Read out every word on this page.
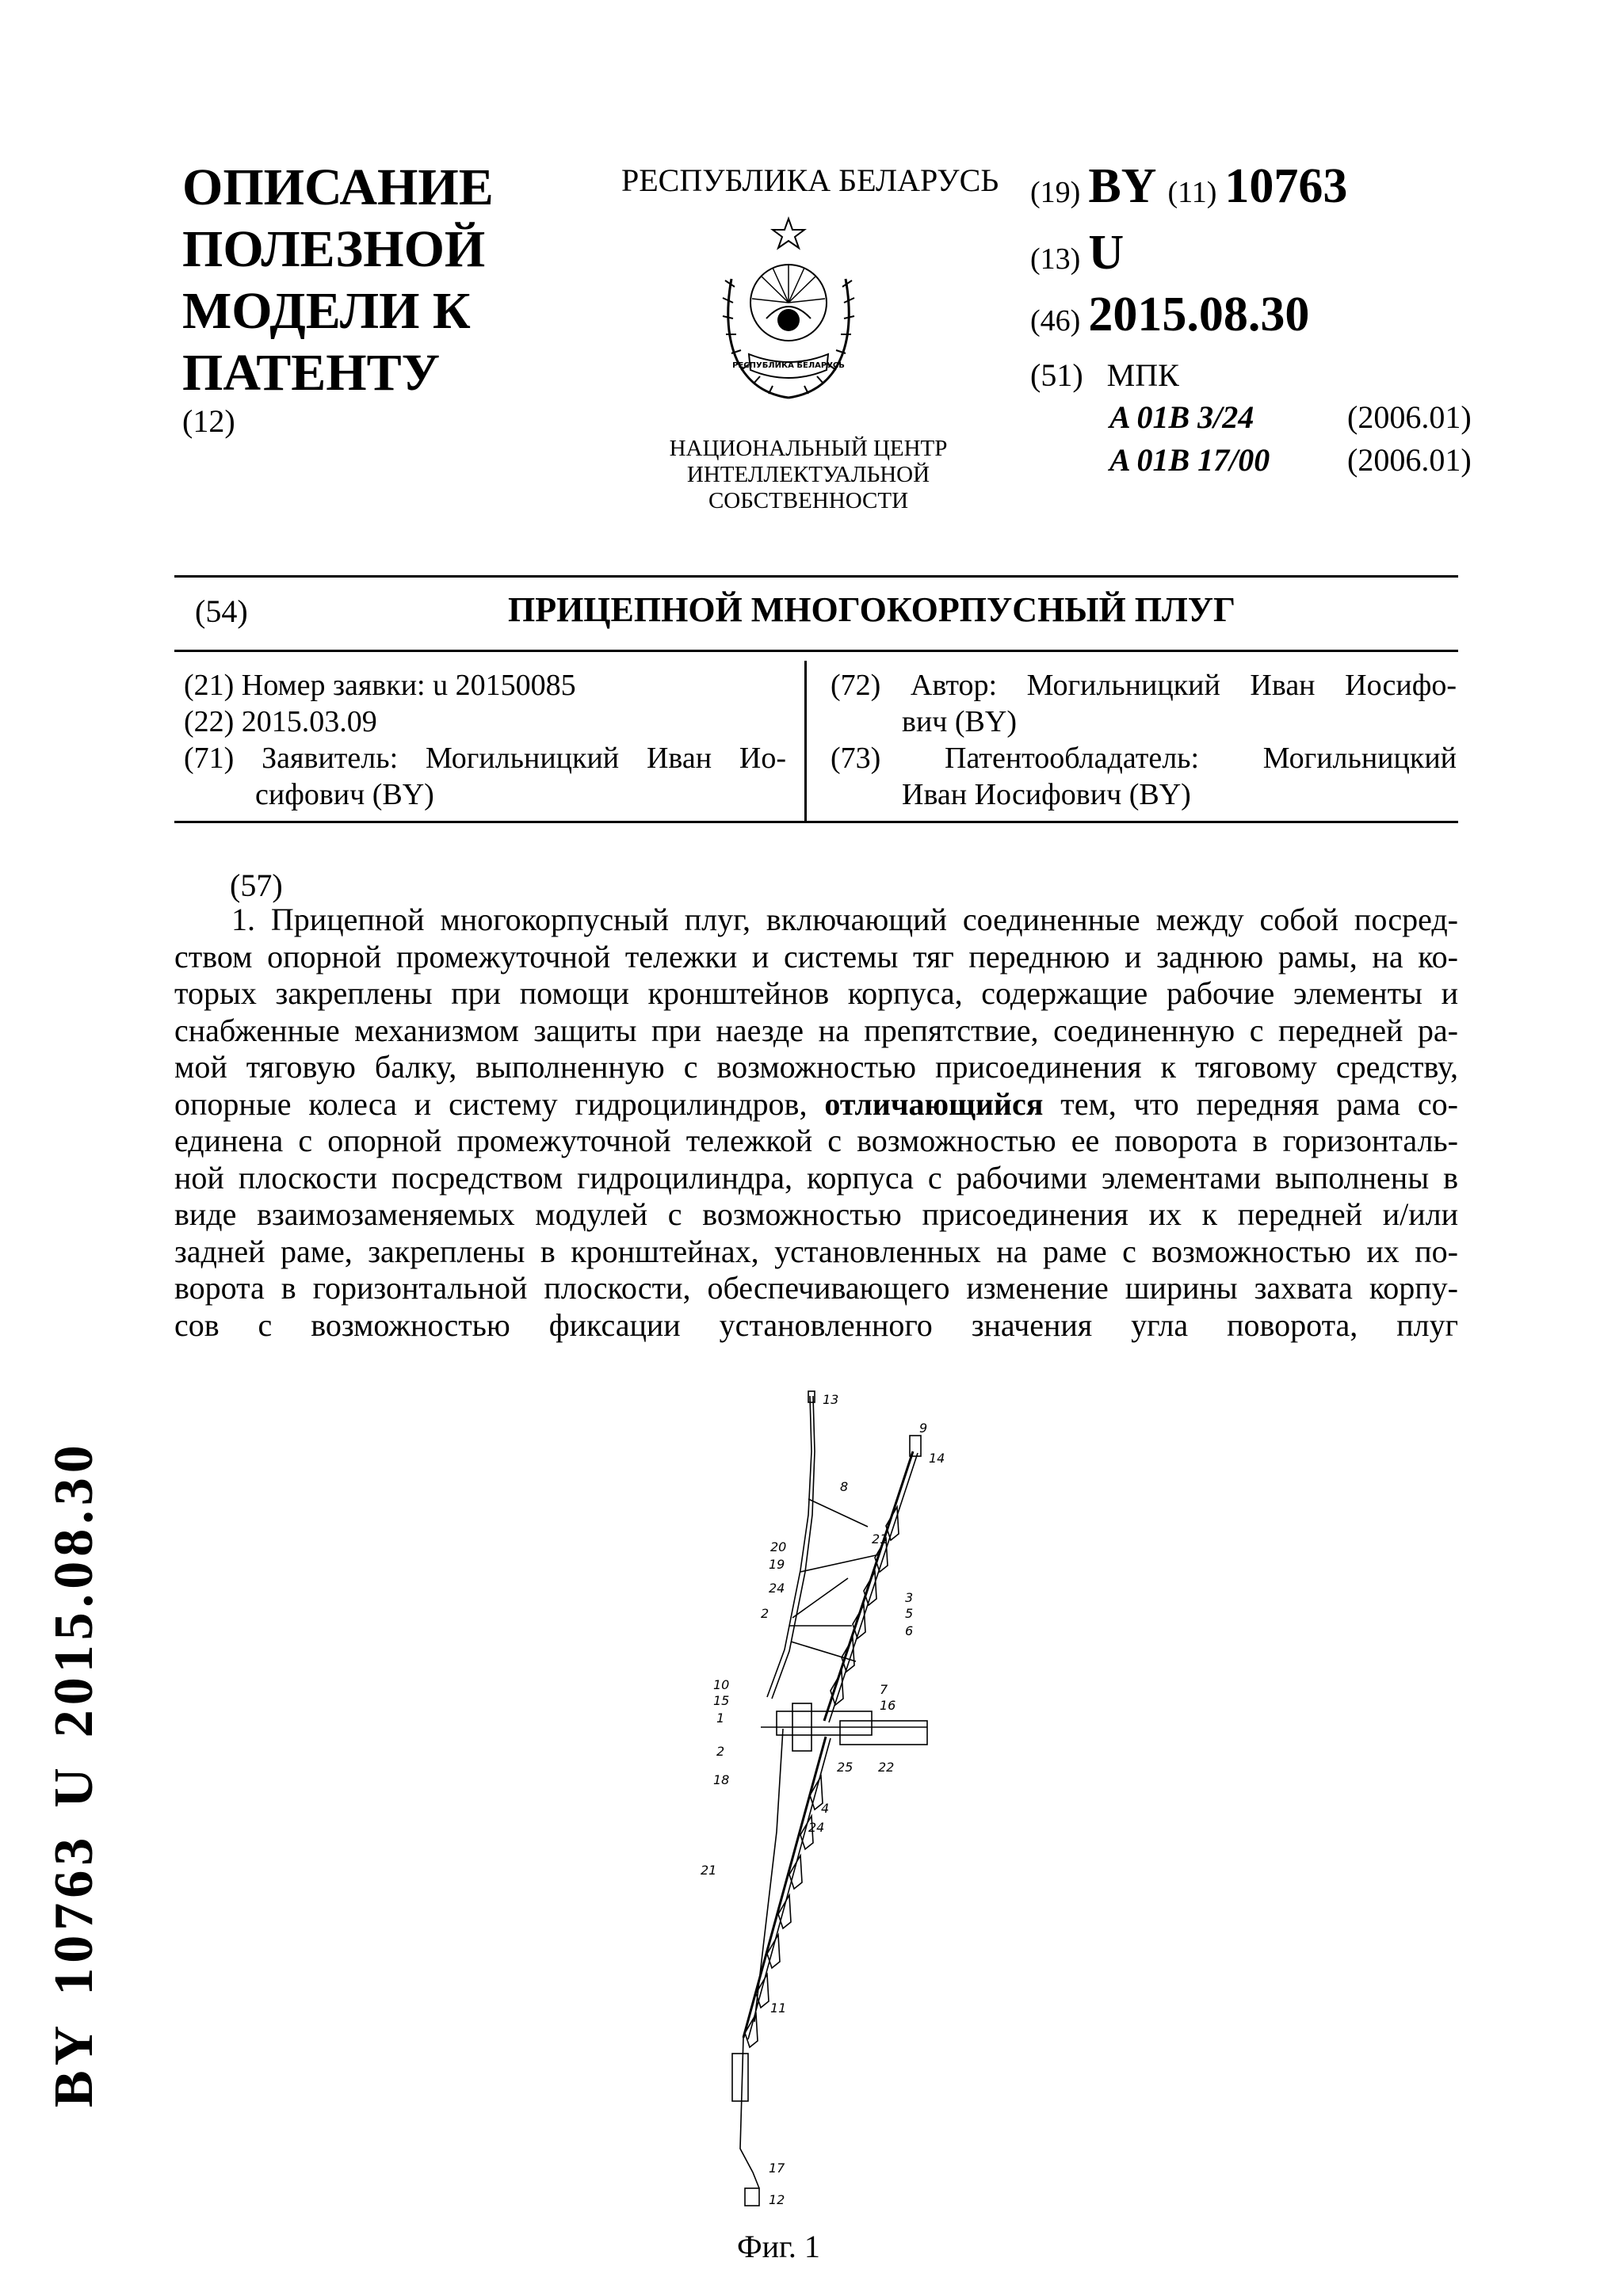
ОПИСАНИЕ
ПОЛЕЗНОЙ
МОДЕЛИ К
ПАТЕНТУ
(12)
РЕСПУБЛИКА БЕЛАРУСЬ
РЕСПУБЛИКА БЕЛАРУСЬ
НАЦИОНАЛЬНЫЙ ЦЕНТР
ИНТЕЛЛЕКТУАЛЬНОЙ
СОБСТВЕННОСТИ
(19) BY (11) 10763
(13) U
(46) 2015.08.30
(51) МПК
A 01B 3/24	(2006.01)
A 01B 17/00	(2006.01)
(54)	ПРИЦЕПНОЙ МНОГОКОРПУСНЫЙ ПЛУГ
(21) Номер заявки: u 20150085
(22) 2015.03.09
(71) Заявитель: Могильницкий Иван Ио-
сифович (BY)
(72) Автор: Могильницкий Иван Иосифо-
вич (BY)
(73) Патентообладатель: Могильницкий
Иван Иосифович (BY)
(57)
1. Прицепной многокорпусный плуг, включающий соединенные между собой посред-
ством опорной промежуточной тележки и системы тяг переднюю и заднюю рамы, на ко-
торых закреплены при помощи кронштейнов корпуса, содержащие рабочие элементы и
снабженные механизмом защиты при наезде на препятствие, соединенную с передней ра-
мой тяговую балку, выполненную с возможностью присоединения к тяговому средству,
опорные колеса и систему гидроцилиндров, отличающийся тем, что передняя рама со-
единена с опорной промежуточной тележкой с возможностью ее поворота в горизонталь-
ной плоскости посредством гидроцилиндра, корпуса с рабочими элементами выполнены в
виде взаимозаменяемых модулей с возможностью присоединения их к передней и/или
задней раме, закреплены в кронштейнах, установленных на раме с возможностью их по-
ворота в горизонтальной плоскости, обеспечивающего изменение ширины захвата корпу-
сов с возможностью фиксации установленного значения угла поворота, плуг
13
8
9
14
20
19
21
24
2
3
5
6
10
15
1
7
16
2
18
25 22
4
24
21
11
17
12
Фиг. 1
BY10763U2015.08.30
